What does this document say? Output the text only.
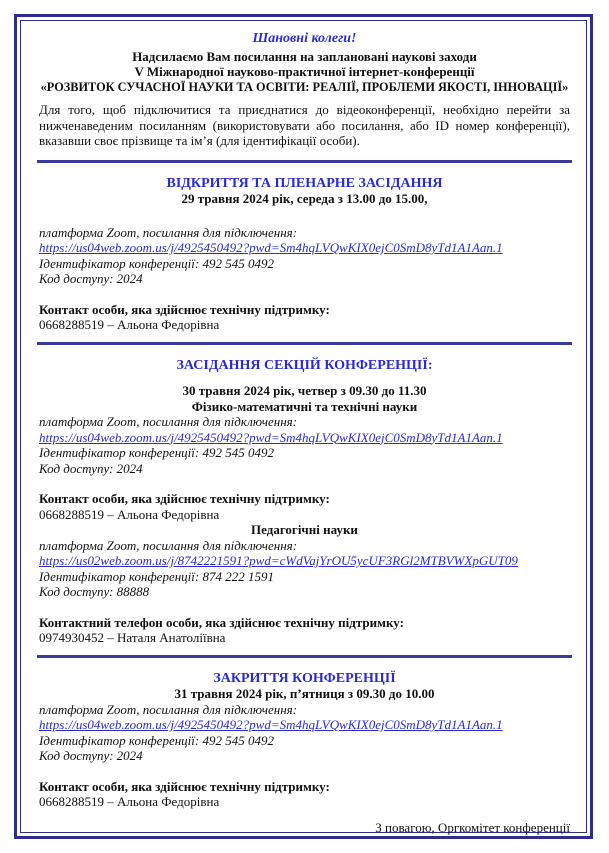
Шановні колеги!
Надсилаємо Вам посилання на заплановані наукові заходи
V Міжнародної науково-практичної інтернет-конференції
«РОЗВИТОК СУЧАСНОЇ НАУКИ ТА ОСВІТИ: РЕАЛІЇ, ПРОБЛЕМИ ЯКОСТІ, ІННОВАЦІЇ»
Для того, щоб підключитися та приєднатися до відеоконференції, необхідно перейти за нижченаведеним посиланням (використовувати або посилання, або ID номер конференції), вказавши своє прізвище та ім’я (для ідентифікації особи).
ВІДКРИТТЯ ТА ПЛЕНАРНЕ ЗАСІДАННЯ
29 травня 2024 рік, середа з 13.00 до 15.00,
платформа Zoom, посилання для підключення:
https://us04web.zoom.us/j/4925450492?pwd=Sm4hqLVQwKIX0ejC0SmD8yTd1A1Aan.1
Ідентифікатор конференції: 492 545 0492
Код доступу: 2024
Контакт особи, яка здійснює технічну підтримку:
0668288519 – Альона Федорівна
ЗАСІДАННЯ СЕКЦІЙ КОНФЕРЕНЦІЇ:
30 травня 2024 рік, четвер з 09.30 до 11.30
Фізико-математичні та технічні науки
платформа Zoom, посилання для підключення:
https://us04web.zoom.us/j/4925450492?pwd=Sm4hqLVQwKIX0ejC0SmD8yTd1A1Aan.1
Ідентифікатор конференції: 492 545 0492
Код доступу: 2024
Контакт особи, яка здійснює технічну підтримку:
0668288519 – Альона Федорівна
Педагогічні науки
платформа Zoom, посилання для підключення:
https://us02web.zoom.us/j/8742221591?pwd=cWdVajYrOU5ycUF3RGl2MTBVWXpGUT09
Ідентифікатор конференції: 874 222 1591
Код доступу: 88888
Контактний телефон особи, яка здійснює технічну підтримку:
0974930452 – Наталя Анатоліївна
ЗАКРИТТЯ КОНФЕРЕНЦІЇ
31 травня 2024 рік, п’ятниця з 09.30 до 10.00
платформа Zoom, посилання для підключення:
https://us04web.zoom.us/j/4925450492?pwd=Sm4hqLVQwKIX0ejC0SmD8yTd1A1Aan.1
Ідентифікатор конференції: 492 545 0492
Код доступу: 2024
Контакт особи, яка здійснює технічну підтримку:
0668288519 – Альона Федорівна
З повагою, Оргкомітет конференції
